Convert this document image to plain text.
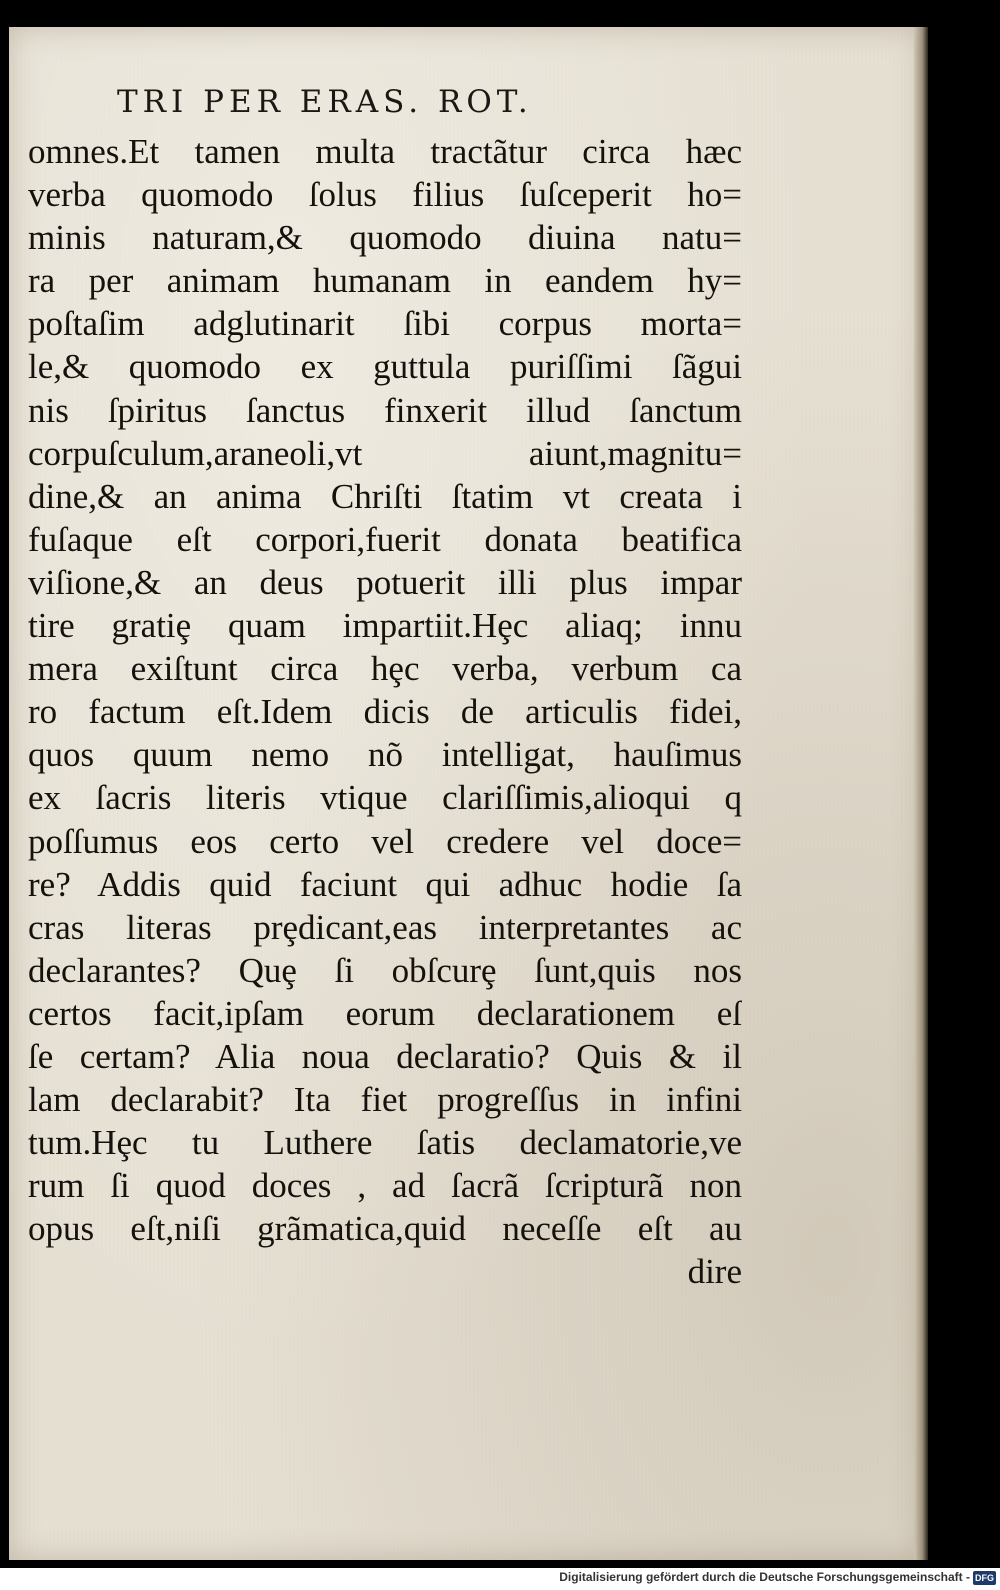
TRI PER ERAS. ROT.
omnes.Et tamen multa tractãtur circa hæc
verba quomodo ſolus filius ſuſceperit ho=
minis naturam,& quomodo diuina natu=
ra per animam humanam in eandem hy=
poſtaſim adglutinarit ſibi corpus morta=
le,& quomodo ex guttula puriſſimi ſãgui
nis ſpiritus ſanctus finxerit illud ſanctum
corpuſculum,araneoli,vt aiunt,magnitu=
dine,& an anima Chriſti ſtatim vt creata i
fuſaque eſt corpori,fuerit donata beatifica
viſione,& an deus potuerit illi plus impar
tire gratiȩ quam impartiit.Hȩc aliaq; innu
mera exiſtunt circa hȩc verba, verbum ca
ro factum eſt.Idem dicis de articulis fidei,
quos quum nemo nõ intelligat, hauſimus
ex ſacris literis vtique clariſſimis,alioqui q
poſſumus eos certo vel credere vel doce=
re? Addis quid faciunt qui adhuc hodie ſa
cras literas prȩdicant,eas interpretantes ac
declarantes? Quȩ ſi obſcurȩ ſunt,quis nos
certos facit,ipſam eorum declarationem eſ
ſe certam? Alia noua declaratio? Quis & il
lam declarabit? Ita fiet progreſſus in infini
tum.Hȩc tu Luthere ſatis declamatorie,ve
rum ſi quod doces , ad ſacrã ſcripturã non
opus eſt,niſi grãmatica,quid neceſſe eſt au
dire
Digitalisierung gefördert durch die Deutsche Forschungsgemeinschaft - DFG
